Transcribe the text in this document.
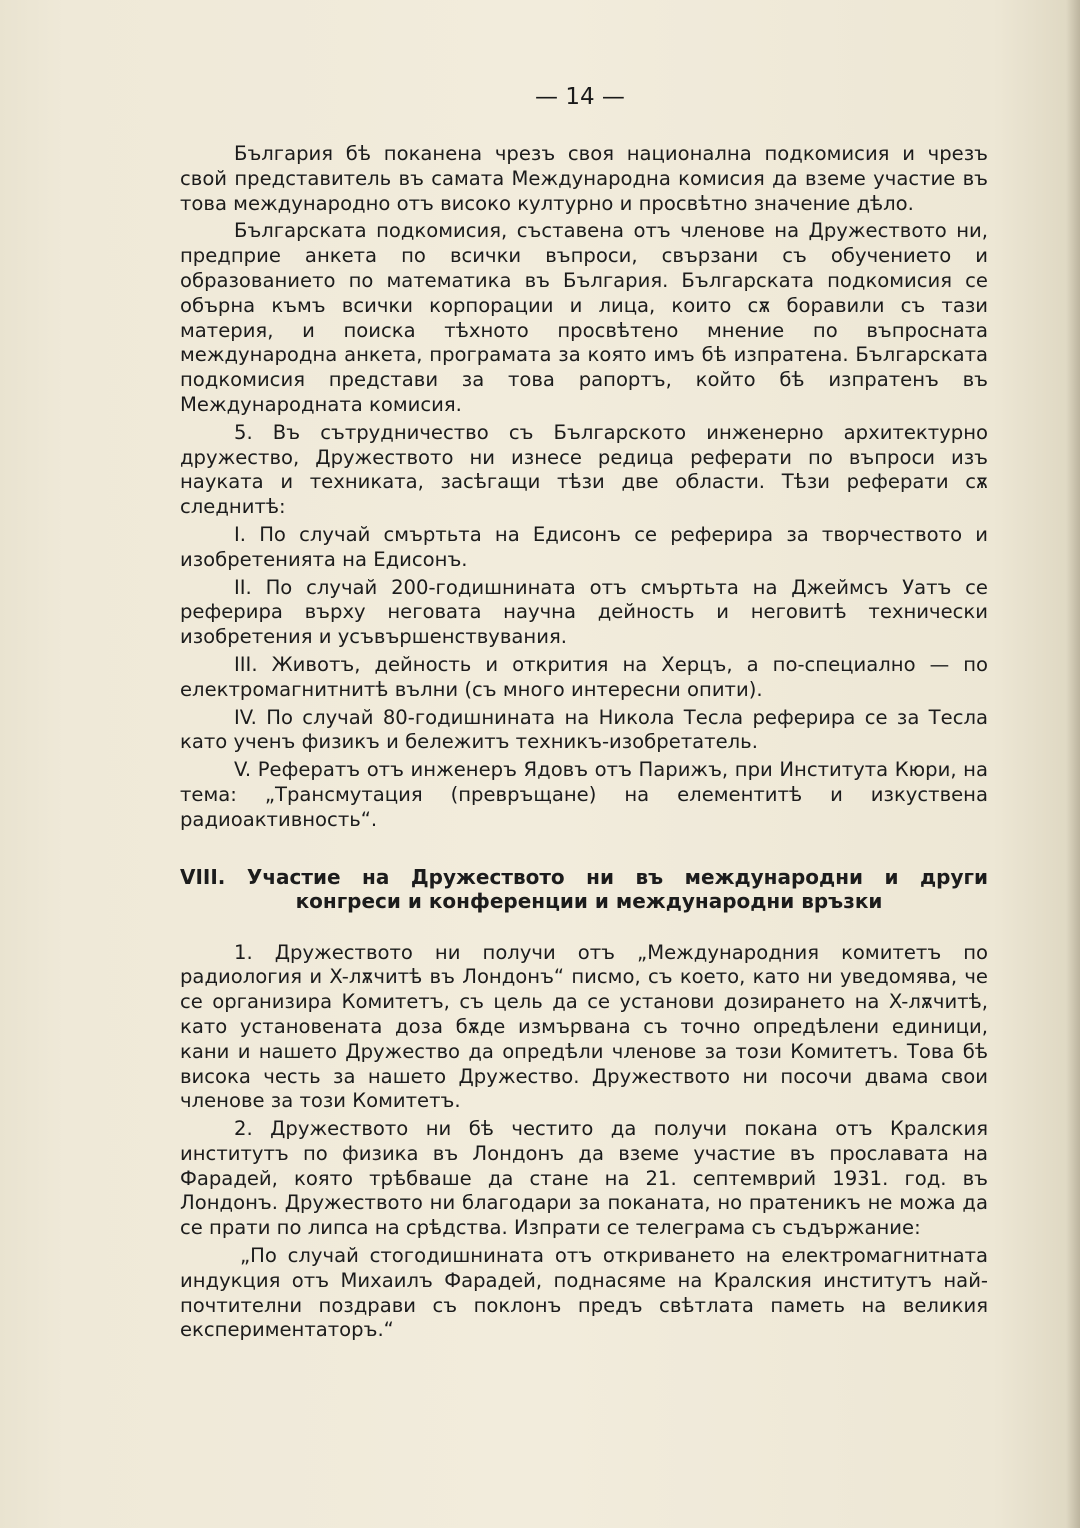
— 14 —

България бѣ поканена чрезъ своя национална подкомисия и чрезъ свой представитель въ самата Международна комисия да вземе участие въ това международно отъ високо културно и просвѣтно значение дѣло.

Българската подкомисия, съставена отъ членове на Дружеството ни, предприе анкета по всички въпроси, свързани съ обучението и образованието по математика въ България. Българската подкомисия се обърна къмъ всички корпорации и лица, които сѫ боравили съ тази материя, и поиска тѣхното просвѣтено мнение по въпросната международна анкета, програмата за която имъ бѣ изпратена. Българската подкомисия представи за това рапортъ, който бѣ изпратенъ въ Международната комисия.

5. Въ сътрудничество съ Българското инженерно архитектурно дружество, Дружеството ни изнесе редица реферати по въпроси изъ науката и техниката, засѣгащи тѣзи две области. Тѣзи реферати сѫ следнитѣ:

I. По случай смъртьта на Едисонъ се реферира за творчеството и изобретенията на Едисонъ.

II. По случай 200-годишнината отъ смъртьта на Джеймсъ Уатъ се реферира върху неговата научна дейность и неговитѣ технически изобретения и усъвършенствувания.

III. Животъ, дейность и открития на Херцъ, а по-специално — по електромагнитнитѣ вълни (съ много интересни опити).

IV. По случай 80-годишнината на Никола Тесла реферира се за Тесла като ученъ физикъ и бележитъ техникъ-изобретатель.

V. Рефератъ отъ инженеръ Ядовъ отъ Парижъ, при Института Кюри, на тема: „Трансмутация (превръщане) на елементитѣ и изкуствена радиоактивность“.

VIII. Участие на Дружеството ни въ международни и други
конгреси и конференции и международни връзки

1. Дружеството ни получи отъ „Международния комитетъ по радиология и X-лѫчитѣ въ Лондонъ“ писмо, съ което, като ни уведомява, че се организира Комитетъ, съ цель да се установи дозирането на X-лѫчитѣ, като установената доза бѫде измървана съ точно опредѣлени единици, кани и нашето Дружество да опредѣли членове за този Комитетъ. Това бѣ висока честь за нашето Дружество. Дружеството ни посочи двама свои членове за този Комитетъ.

2. Дружеството ни бѣ честито да получи покана отъ Кралския институтъ по физика въ Лондонъ да вземе участие въ прославата на Фарадей, която трѣбваше да стане на 21. септемврий 1931. год. въ Лондонъ. Дружеството ни благодари за поканата, но пратеникъ не можа да се прати по липса на срѣдства. Изпрати се телеграма съ съдържание:

„По случай стогодишнината отъ откриването на електромагнитната индукция отъ Михаилъ Фарадей, поднасяме на Кралския институтъ най-почтителни поздрави съ поклонъ предъ свѣтлата паметь на великия експериментаторъ.“
